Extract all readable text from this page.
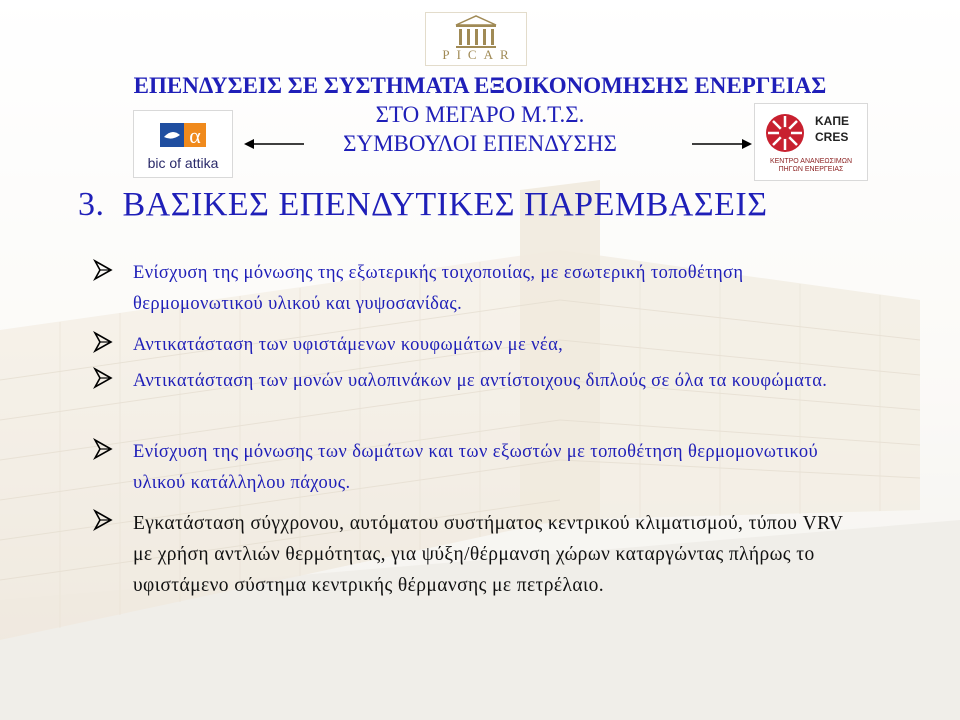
PICAR
ΕΠΕΝΔΥΣΕΙΣ ΣΕ ΣΥΣΤΗΜΑΤΑ ΕΞΟΙΚΟΝΟΜΗΣΗΣ ΕΝΕΡΓΕΙΑΣ
ΣΤΟ ΜΕΓΑΡΟ Μ.Τ.Σ.
ΣΥΜΒΟΥΛΟΙ ΕΠΕΝΔΥΣΗΣ
α
bic of attika
ΚΑΠΕ
CRES
ΚΕΝΤΡΟ ΑΝΑΝΕΩΣΙΜΩΝ ΠΗΓΩΝ ΕΝΕΡΓΕΙΑΣ
3. ΒΑΣΙΚΕΣ ΕΠΕΝΔΥΤΙΚΕΣ ΠΑΡΕΜΒΑΣΕΙΣ
Ενίσχυση της μόνωσης της εξωτερικής τοιχοποιίας, με εσωτερική τοποθέτηση θερμομονωτικού υλικού και γυψοσανίδας.
Αντικατάσταση των υφιστάμενων κουφωμάτων με νέα,
Αντικατάσταση των μονών υαλοπινάκων με αντίστοιχους διπλούς σε όλα τα κουφώματα.
Ενίσχυση της μόνωσης των δωμάτων και των εξωστών με τοποθέτηση θερμομονωτικού υλικού κατάλληλου πάχους.
Εγκατάσταση σύγχρονου, αυτόματου συστήματος κεντρικού κλιματισμού, τύπου VRV με χρήση αντλιών θερμότητας, για ψύξη/θέρμανση χώρων καταργώντας πλήρως το υφιστάμενο σύστημα κεντρικής θέρμανσης με πετρέλαιο.
